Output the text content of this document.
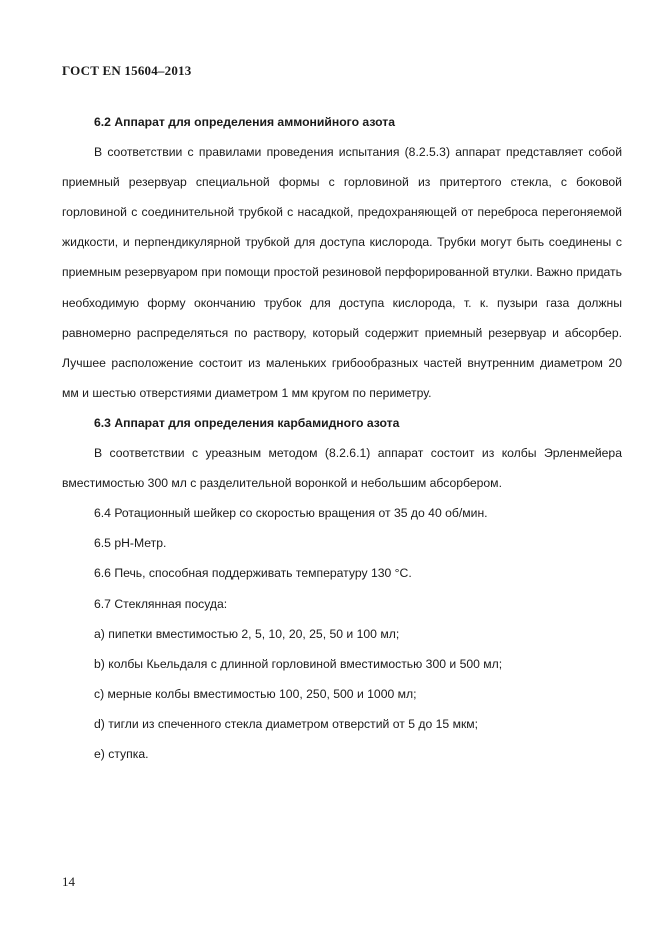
ГОСТ EN 15604–2013

6.2 Аппарат для определения аммонийного азота

В соответствии с правилами проведения испытания (8.2.5.3) аппарат представляет собой приемный резервуар специальной формы с горловиной из притертого стекла, с боковой горловиной с соединительной трубкой с насадкой, предохраняющей от переброса перегоняемой жидкости, и перпендикулярной трубкой для доступа кислорода. Трубки могут быть соединены с приемным резервуаром при помощи простой резиновой перфорированной втулки. Важно придать необходимую форму окончанию трубок для доступа кислорода, т. к. пузыри газа должны равномерно распределяться по раствору, который содержит приемный резервуар и абсорбер. Лучшее расположение состоит из маленьких грибообразных частей внутренним диаметром 20 мм и шестью отверстиями диаметром 1 мм кругом по периметру.

6.3 Аппарат для определения карбамидного азота

В соответствии с уреазным методом (8.2.6.1) аппарат состоит из колбы Эрленмейера вместимостью 300 мл с разделительной воронкой и небольшим абсорбером.

6.4 Ротационный шейкер со скоростью вращения от 35 до 40 об/мин.

6.5 рН-Метр.

6.6 Печь, способная поддерживать температуру 130 °С.

6.7 Стеклянная посуда:

a) пипетки вместимостью 2, 5, 10, 20, 25, 50 и 100 мл;

b) колбы Кьельдаля с длинной горловиной вместимостью 300 и 500 мл;

c) мерные колбы вместимостью 100, 250, 500 и 1000 мл;

d) тигли из спеченного стекла диаметром отверстий от 5 до 15 мкм;

e) ступка.

14
